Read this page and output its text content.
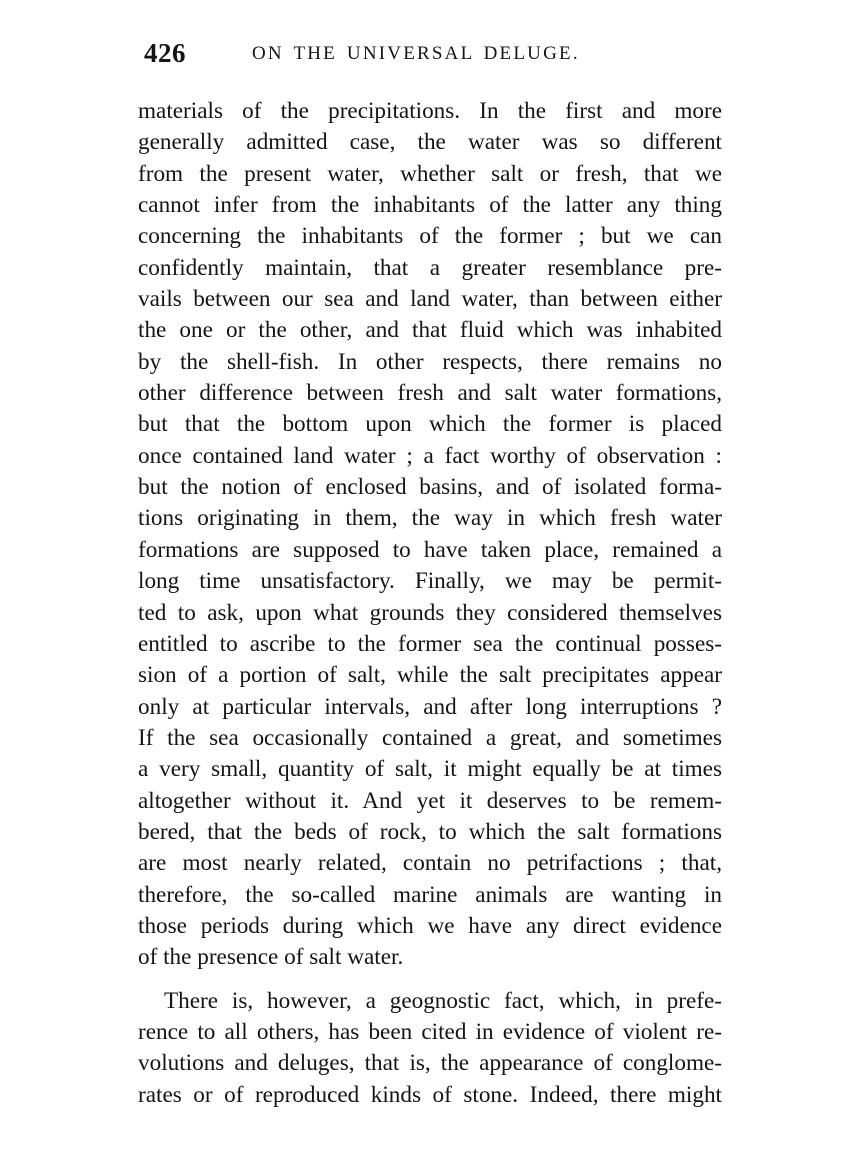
426	ON THE UNIVERSAL DELUGE.
materials of the precipitations. In the first and more
generally admitted case, the water was so different
from the present water, whether salt or fresh, that we
cannot infer from the inhabitants of the latter any thing
concerning the inhabitants of the former ; but we can
confidently maintain, that a greater resemblance pre-
vails between our sea and land water, than between either
the one or the other, and that fluid which was inhabited
by the shell-fish. In other respects, there remains no
other difference between fresh and salt water formations,
but that the bottom upon which the former is placed
once contained land water ; a fact worthy of observation :
but the notion of enclosed basins, and of isolated forma-
tions originating in them, the way in which fresh water
formations are supposed to have taken place, remained a
long time unsatisfactory. Finally, we may be permit-
ted to ask, upon what grounds they considered themselves
entitled to ascribe to the former sea the continual posses-
sion of a portion of salt, while the salt precipitates appear
only at particular intervals, and after long interruptions ?
If the sea occasionally contained a great, and sometimes
a very small, quantity of salt, it might equally be at times
altogether without it. And yet it deserves to be remem-
bered, that the beds of rock, to which the salt formations
are most nearly related, contain no petrifactions ; that,
therefore, the so-called marine animals are wanting in
those periods during which we have any direct evidence
of the presence of salt water.
There is, however, a geognostic fact, which, in prefe-
rence to all others, has been cited in evidence of violent re-
volutions and deluges, that is, the appearance of conglome-
rates or of reproduced kinds of stone. Indeed, there might
